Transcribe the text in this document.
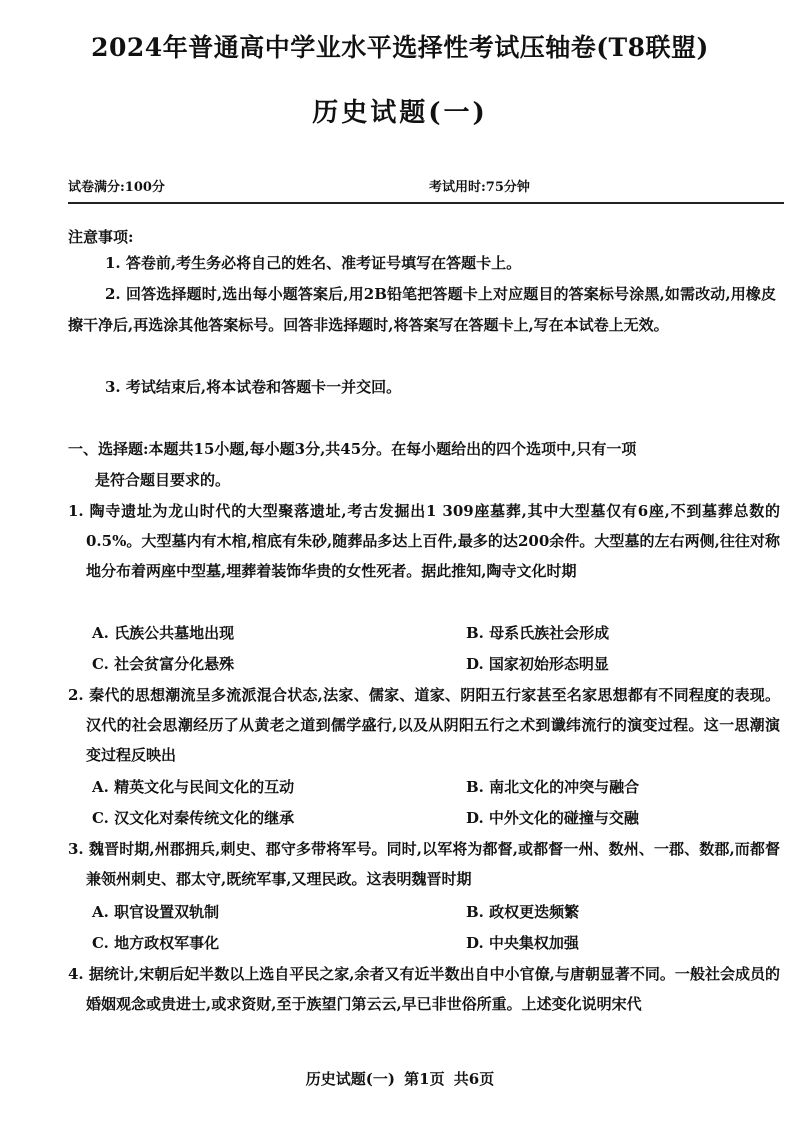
2024年普通高中学业水平选择性考试压轴卷(T8联盟)
历史试题(一)
试卷满分:100分	考试用时:75分钟
注意事项:

1. 答卷前,考生务必将自己的姓名、准考证号填写在答题卡上。

2. 回答选择题时,选出每小题答案后,用2B铅笔把答题卡上对应题目的答案标号涂黑,如需改动,用橡皮擦干净后,再选涂其他答案标号。回答非选择题时,将答案写在答题卡上,写在本试卷上无效。

3. 考试结束后,将本试卷和答题卡一并交回。

一、选择题:本题共15小题,每小题3分,共45分。在每小题给出的四个选项中,只有一项
是符合题目要求的。
1. 陶寺遗址为龙山时代的大型聚落遗址,考古发掘出1 309座墓葬,其中大型墓仅有6座,不到墓葬总数的0.5%。大型墓内有木棺,棺底有朱砂,随葬品多达上百件,最多的达200余件。大型墓的左右两侧,往往对称地分布着两座中型墓,埋葬着装饰华贵的女性死者。据此推知,陶寺文化时期
A. 氏族公共墓地出现	B. 母系氏族社会形成
C. 社会贫富分化悬殊	D. 国家初始形态明显
2. 秦代的思想潮流呈多流派混合状态,法家、儒家、道家、阴阳五行家甚至名家思想都有不同程度的表现。汉代的社会思潮经历了从黄老之道到儒学盛行,以及从阴阳五行之术到谶纬流行的演变过程。这一思潮演变过程反映出
A. 精英文化与民间文化的互动	B. 南北文化的冲突与融合
C. 汉文化对秦传统文化的继承	D. 中外文化的碰撞与交融
3. 魏晋时期,州郡拥兵,刺史、郡守多带将军号。同时,以军将为都督,或都督一州、数州、一郡、数郡,而都督兼领州刺史、郡太守,既统军事,又理民政。这表明魏晋时期
A. 职官设置双轨制	B. 政权更迭频繁
C. 地方政权军事化	D. 中央集权加强
4. 据统计,宋朝后妃半数以上选自平民之家,余者又有近半数出自中小官僚,与唐朝显著不同。一般社会成员的婚姻观念或贵进士,或求资财,至于族望门第云云,早已非世俗所重。上述变化说明宋代
历史试题(一) 第1页 共6页
